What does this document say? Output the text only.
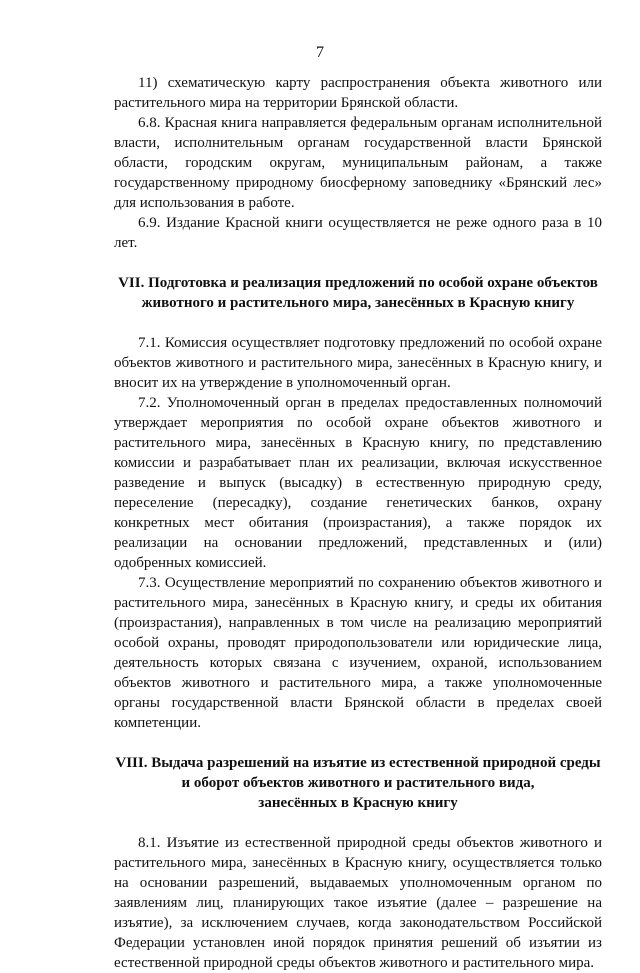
7

11) схематическую карту распространения объекта животного или растительного мира на территории Брянской области.

6.8. Красная книга направляется федеральным органам исполнительной власти, исполнительным органам государственной власти Брянской области, городским округам, муниципальным районам, а также государственному природному биосферному заповеднику «Брянский лес» для использования в работе.

6.9. Издание Красной книги осуществляется не реже одного раза в 10 лет.

VII. Подготовка и реализация предложений по особой охране объектов
животного и растительного мира, занесённых в Красную книгу

7.1. Комиссия осуществляет подготовку предложений по особой охране объектов животного и растительного мира, занесённых в Красную книгу, и вносит их на утверждение в уполномоченный орган.

7.2. Уполномоченный орган в пределах предоставленных полномочий утверждает мероприятия по особой охране объектов животного и растительного мира, занесённых в Красную книгу, по представлению комиссии и разрабатывает план их реализации, включая искусственное разведение и выпуск (высадку) в естественную природную среду, переселение (пересадку), создание генетических банков, охрану конкретных мест обитания (произрастания), а также порядок их реализации на основании предложений, представленных и (или) одобренных комиссией.

7.3. Осуществление мероприятий по сохранению объектов животного и растительного мира, занесённых в Красную книгу, и среды их обитания (произрастания), направленных в том числе на реализацию мероприятий особой охраны, проводят природопользователи или юридические лица, деятельность которых связана с изучением, охраной, использованием объектов животного и растительного мира, а также уполномоченные органы государственной власти Брянской области в пределах своей компетенции.

VIII. Выдача разрешений на изъятие из естественной природной среды
и оборот объектов животного и растительного вида,
занесённых в Красную книгу

8.1. Изъятие из естественной природной среды объектов животного и растительного мира, занесённых в Красную книгу, осуществляется только на основании разрешений, выдаваемых уполномоченным органом по заявлениям лиц, планирующих такое изъятие (далее – разрешение на изъятие), за исключением случаев, когда законодательством Российской Федерации установлен иной порядок принятия решений об изъятии из естественной природной среды объектов животного и растительного мира.
